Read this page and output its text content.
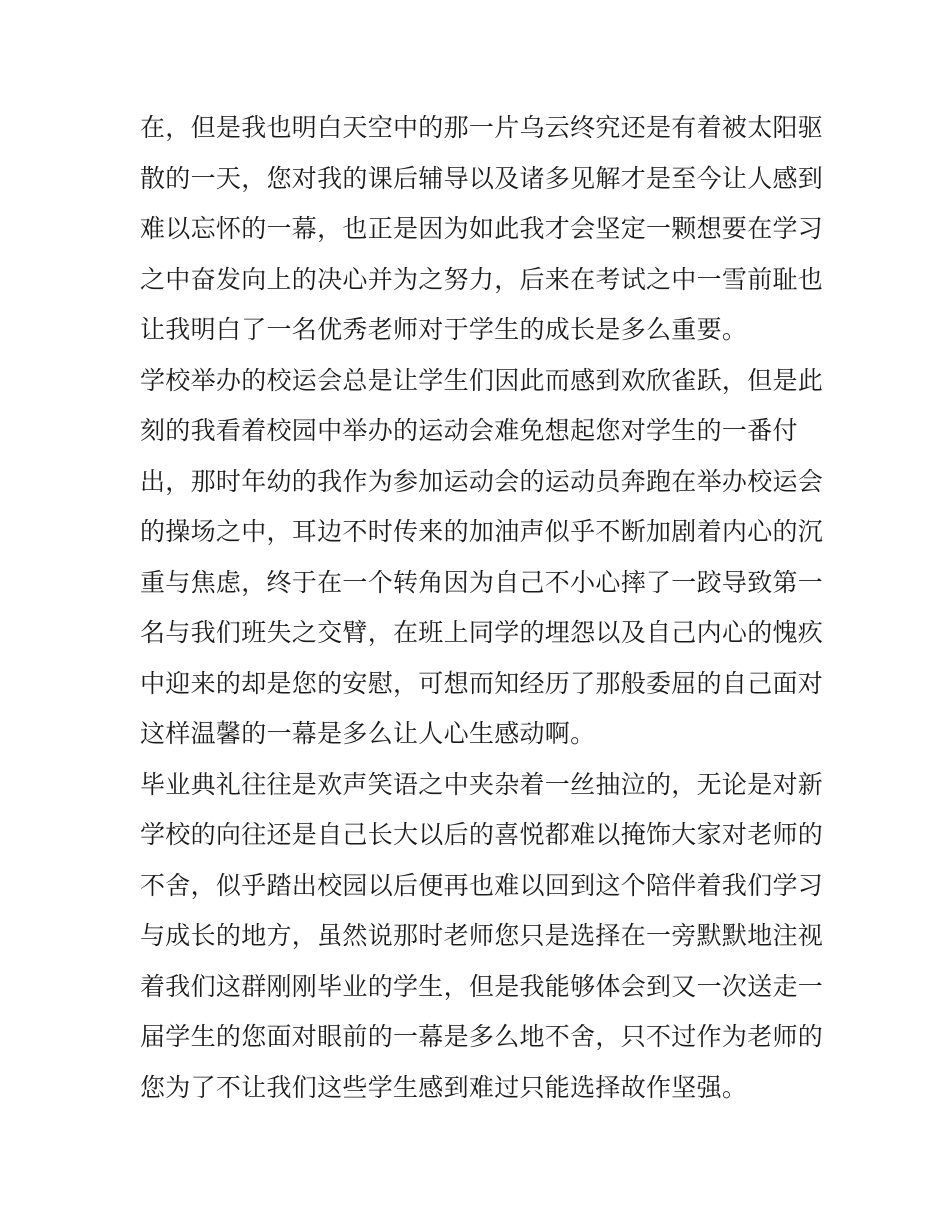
在，但是我也明白天空中的那一片乌云终究还是有着被太阳驱
散的一天，您对我的课后辅导以及诸多见解才是至今让人感到
难以忘怀的一幕，也正是因为如此我才会坚定一颗想要在学习
之中奋发向上的决心并为之努力，后来在考试之中一雪前耻也
让我明白了一名优秀老师对于学生的成长是多么重要。
学校举办的校运会总是让学生们因此而感到欢欣雀跃，但是此
刻的我看着校园中举办的运动会难免想起您对学生的一番付
出，那时年幼的我作为参加运动会的运动员奔跑在举办校运会
的操场之中，耳边不时传来的加油声似乎不断加剧着内心的沉
重与焦虑，终于在一个转角因为自己不小心摔了一跤导致第一
名与我们班失之交臂，在班上同学的埋怨以及自己内心的愧疚
中迎来的却是您的安慰，可想而知经历了那般委屈的自己面对
这样温馨的一幕是多么让人心生感动啊。
毕业典礼往往是欢声笑语之中夹杂着一丝抽泣的，无论是对新
学校的向往还是自己长大以后的喜悦都难以掩饰大家对老师的
不舍，似乎踏出校园以后便再也难以回到这个陪伴着我们学习
与成长的地方，虽然说那时老师您只是选择在一旁默默地注视
着我们这群刚刚毕业的学生，但是我能够体会到又一次送走一
届学生的您面对眼前的一幕是多么地不舍，只不过作为老师的
您为了不让我们这些学生感到难过只能选择故作坚强。
